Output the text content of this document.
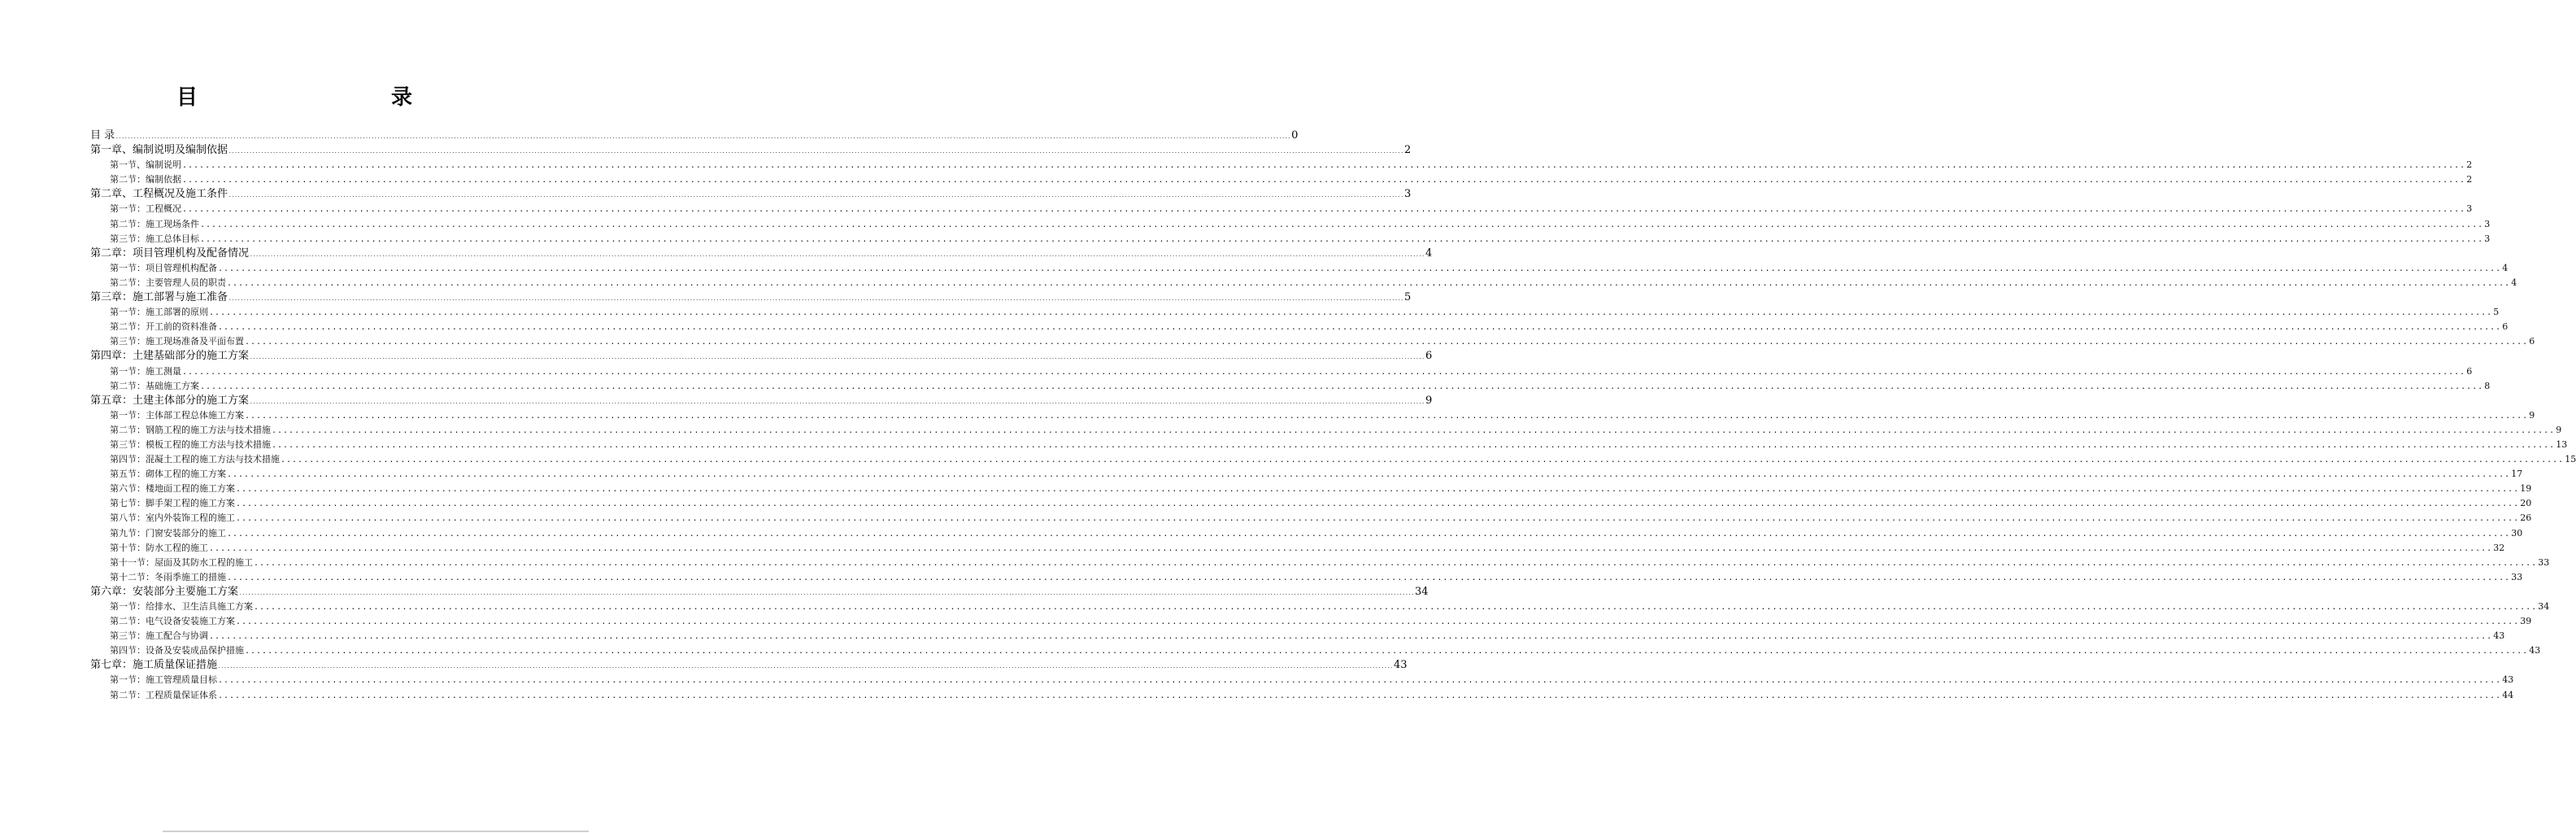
目　　录
目 录 ................................................................................................................................................................................................................................................................................................................................................................................................................ 0
第一章、编制说明及编制依据 ................................................................................................................................................................................................................................................................................................................................................................................................................ 2
第一节、编制说明 ................................................................................................................................................................................................................................................................................................................................................................................................................ 2
第二节：编制依据 ................................................................................................................................................................................................................................................................................................................................................................................................................ 2
第二章、工程概况及施工条件 ................................................................................................................................................................................................................................................................................................................................................................................................................ 3
第一节：工程概况 ................................................................................................................................................................................................................................................................................................................................................................................................................ 3
第二节：施工现场条件 ................................................................................................................................................................................................................................................................................................................................................................................................................ 3
第三节：施工总体目标 ................................................................................................................................................................................................................................................................................................................................................................................................................ 3
第二章：项目管理机构及配备情况 ................................................................................................................................................................................................................................................................................................................................................................................................................ 4
第一节：项目管理机构配备 ................................................................................................................................................................................................................................................................................................................................................................................................................ 4
第二节：主要管理人员的职责 ................................................................................................................................................................................................................................................................................................................................................................................................................ 4
第三章：施工部署与施工准备 ................................................................................................................................................................................................................................................................................................................................................................................................................ 5
第一节：施工部署的原则 ................................................................................................................................................................................................................................................................................................................................................................................................................ 5
第二节：开工前的资料准备 ................................................................................................................................................................................................................................................................................................................................................................................................................ 6
第三节：施工现场准备及平面布置 ................................................................................................................................................................................................................................................................................................................................................................................................................ 6
第四章：土建基础部分的施工方案 ................................................................................................................................................................................................................................................................................................................................................................................................................ 6
第一节：施工测量 ................................................................................................................................................................................................................................................................................................................................................................................................................ 6
第二节：基础施工方案 ................................................................................................................................................................................................................................................................................................................................................................................................................ 8
第五章：土建主体部分的施工方案 ................................................................................................................................................................................................................................................................................................................................................................................................................ 9
第一节：主体部工程总体施工方案 ................................................................................................................................................................................................................................................................................................................................................................................................................ 9
第二节：钢筋工程的施工方法与技术措施 ................................................................................................................................................................................................................................................................................................................................................................................................................ 9
第三节：模板工程的施工方法与技术措施 ................................................................................................................................................................................................................................................................................................................................................................................................................ 13
第四节：混凝土工程的施工方法与技术措施 ................................................................................................................................................................................................................................................................................................................................................................................................................ 15
第五节：砌体工程的施工方案 ................................................................................................................................................................................................................................................................................................................................................................................................................ 17
第六节：楼地面工程的施工方案 ................................................................................................................................................................................................................................................................................................................................................................................................................ 19
第七节：脚手架工程的施工方案 ................................................................................................................................................................................................................................................................................................................................................................................................................ 20
第八节：室内外装饰工程的施工 ................................................................................................................................................................................................................................................................................................................................................................................................................ 26
第九节：门窗安装部分的施工 ................................................................................................................................................................................................................................................................................................................................................................................................................ 30
第十节：防水工程的施工 ................................................................................................................................................................................................................................................................................................................................................................................................................ 32
第十一节：屋面及其防水工程的施工 ................................................................................................................................................................................................................................................................................................................................................................................................................ 33
第十二节：冬雨季施工的措施 ................................................................................................................................................................................................................................................................................................................................................................................................................ 33
第六章：安装部分主要施工方案 ................................................................................................................................................................................................................................................................................................................................................................................................................ 34
第一节：给排水、卫生洁具施工方案 ................................................................................................................................................................................................................................................................................................................................................................................................................ 34
第二节：电气设备安装施工方案 ................................................................................................................................................................................................................................................................................................................................................................................................................ 39
第三节：施工配合与协调 ................................................................................................................................................................................................................................................................................................................................................................................................................ 43
第四节：设备及安装成品保护措施 ................................................................................................................................................................................................................................................................................................................................................................................................................ 43
第七章：施工质量保证措施 ................................................................................................................................................................................................................................................................................................................................................................................................................ 43
第一节：施工管理质量目标 ................................................................................................................................................................................................................................................................................................................................................................................................................ 43
第二节：工程质量保证体系 ................................................................................................................................................................................................................................................................................................................................................................................................................ 44
